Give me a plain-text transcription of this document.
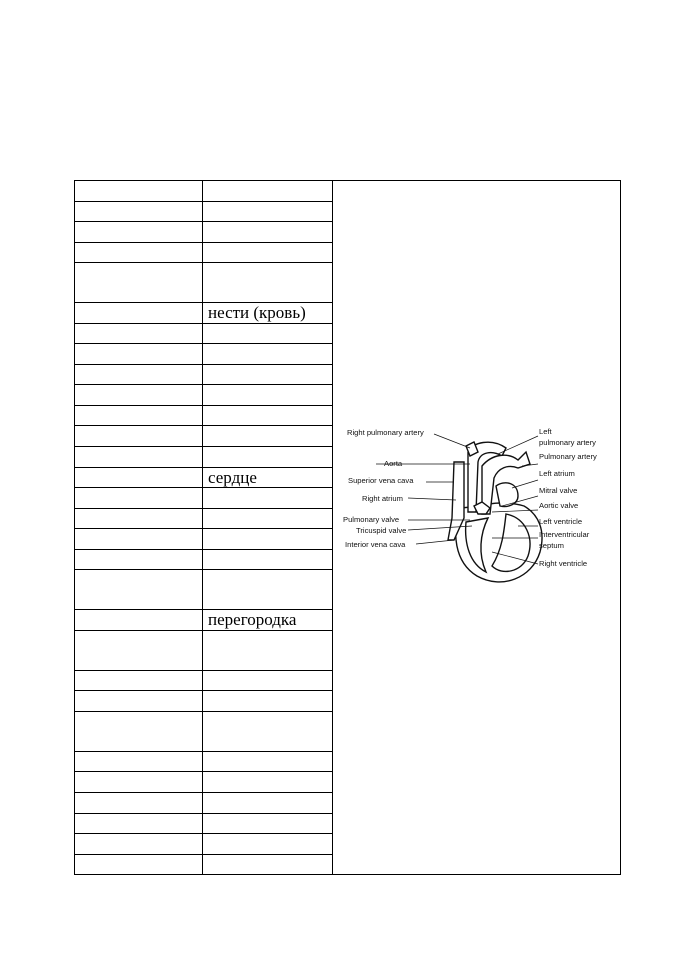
	нести (кровь)	

	сердце	

	перегородка	

Right pulmonary artery
Aorta
Superior vena cava
Right atrium
Pulmonary valve
Tricuspid valve
Interior vena cava
Left
pulmonary artery
Pulmonary artery
Left atrium
Mitral valve
Aortic valve
Left ventricle
Interventricular
septum
Right ventricle
